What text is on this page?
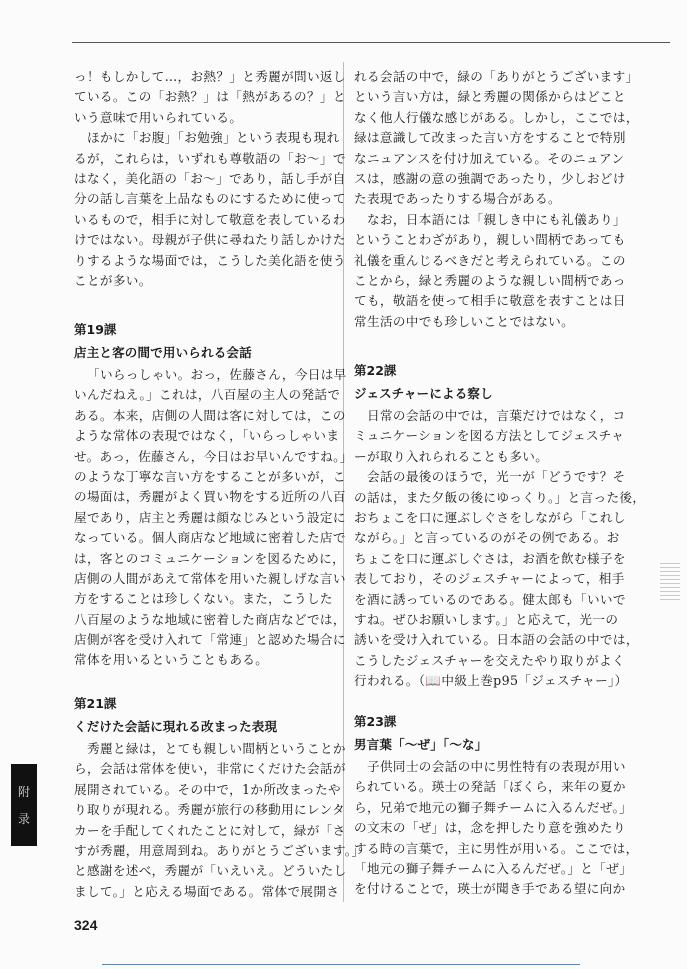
っ！もしかして…，お熱？」と秀麗が問い返し
ている。この「お熱？」は「熱があるの？」と
いう意味で用いられている。
ほかに「お腹」「お勉強」という表現も現れ
るが，これらは，いずれも尊敬語の「お～」で
はなく，美化語の「お～」であり，話し手が自
分の話し言葉を上品なものにするために使って
いるもので，相手に対して敬意を表しているわ
けではない。母親が子供に尋ねたり話しかけた
りするような場面では，こうした美化語を使う
ことが多い。
第19課
店主と客の間で用いられる会話
「いらっしゃい。おっ，佐藤さん，今日は早
いんだねえ。」これは，八百屋の主人の発話で
ある。本来，店側の人間は客に対しては，この
ような常体の表現ではなく，「いらっしゃいま
せ。あっ，佐藤さん，今日はお早いんですね。」
のような丁寧な言い方をすることが多いが，こ
の場面は，秀麗がよく買い物をする近所の八百
屋であり，店主と秀麗は顔なじみという設定に
なっている。個人商店など地域に密着した店で
は，客とのコミュニケーションを図るために，
店側の人間があえて常体を用いた親しげな言い
方をすることは珍しくない。また，こうした
八百屋のような地域に密着した商店などでは，
店側が客を受け入れて「常連」と認めた場合に
常体を用いるということもある。
第21課
くだけた会話に現れる改まった表現
秀麗と緑は，とても親しい間柄ということか
ら，会話は常体を使い，非常にくだけた会話が
展開されている。その中で，1か所改まったや
り取りが現れる。秀麗が旅行の移動用にレンタ
カーを手配してくれたことに対して，緑が「さ
すが秀麗，用意周到ね。ありがとうございます。」
と感謝を述べ，秀麗が「いえいえ。どういたし
まして。」と応える場面である。常体で展開さ
れる会話の中で，緑の「ありがとうございます」
という言い方は，緑と秀麗の関係からはどこと
なく他人行儀な感じがある。しかし，ここでは，
緑は意識して改まった言い方をすることで特別
なニュアンスを付け加えている。そのニュアン
スは，感謝の意の強調であったり，少しおどけ
た表現であったりする場合がある。
なお，日本語には「親しき中にも礼儀あり」
ということわざがあり，親しい間柄であっても
礼儀を重んじるべきだと考えられている。この
ことから，緑と秀麗のような親しい間柄であっ
ても，敬語を使って相手に敬意を表すことは日
常生活の中でも珍しいことではない。
第22課
ジェスチャーによる察し
日常の会話の中では，言葉だけではなく，コ
ミュニケーションを図る方法としてジェスチャ
ーが取り入れられることも多い。
会話の最後のほうで，光一が「どうです？そ
の話は，また夕飯の後にゆっくり。」と言った後，
おちょこを口に運ぶしぐさをしながら「これし
ながら。」と言っているのがその例である。お
ちょこを口に運ぶしぐさは，お酒を飲む様子を
表しており，そのジェスチャーによって，相手
を酒に誘っているのである。健太郎も「いいで
すね。ぜひお願いします。」と応えて，光一の
誘いを受け入れている。日本語の会話の中では，
こうしたジェスチャーを交えたやり取りがよく
行われる。（📖中級上巻p95「ジェスチャー」）
第23課
男言葉「～ぜ」「～な」
子供同士の会話の中に男性特有の表現が用い
られている。瑛士の発話「ぼくら，来年の夏か
ら，兄弟で地元の獅子舞チームに入るんだぜ。」
の文末の「ぜ」は，念を押したり意を強めたり
する時の言葉で，主に男性が用いる。ここでは，
「地元の獅子舞チームに入るんだぜ。」と「ぜ」
を付けることで，瑛士が聞き手である望に向か
附
录
324
